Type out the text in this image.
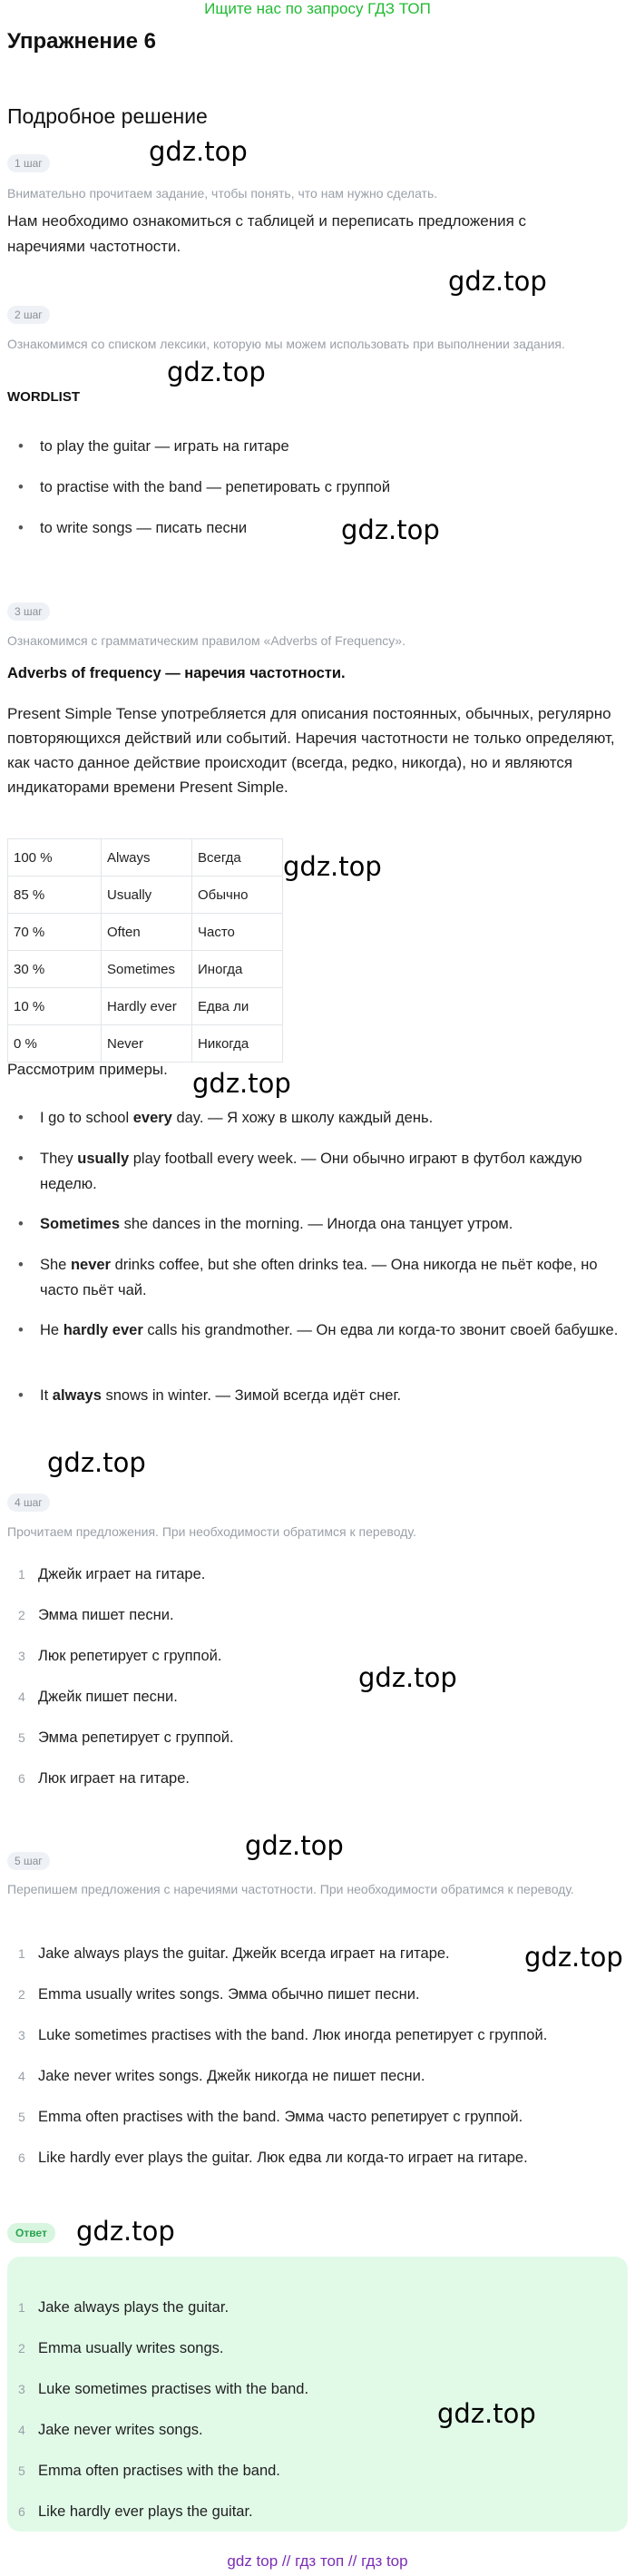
Ищите нас по запросу ГДЗ ТОП
Упражнение 6
Подробное решение
1 шаг	gdz.top
Внимательно прочитаем задание, чтобы понять, что нам нужно сделать.
Нам необходимо ознакомиться с таблицей и переписать предложения с наречиями частотности.
gdz.top
2 шаг
Ознакомимся со списком лексики, которую мы можем использовать при выполнении задания.
gdz.top
WORDLIST
• to play the guitar — играть на гитаре
• to practise with the band — репетировать с группой
• to write songs — писать песни	gdz.top
3 шаг
Ознакомимся с грамматическим правилом «Adverbs of Frequency».
Adverbs of frequency — наречия частотности.
Present Simple Tense употребляется для описания постоянных, обычных, регулярно повторяющихся действий или событий. Наречия частотности не только определяют, как часто данное действие происходит (всегда, редко, никогда), но и являются индикаторами времени Present Simple.
100 %	Always	Всегда
85 %	Usually	Обычно
70 %	Often	Часто
30 %	Sometimes	Иногда
10 %	Hardly ever	Едва ли
0 %	Never	Никогда
gdz.top
Рассмотрим примеры. gdz.top
• I go to school every day. — Я хожу в школу каждый день.
• They usually play football every week. — Они обычно играют в футбол каждую неделю.
• Sometimes she dances in the morning. — Иногда она танцует утром.
• She never drinks coffee, but she often drinks tea. — Она никогда не пьёт кофе, но часто пьёт чай.
• He hardly ever calls his grandmother. — Он едва ли когда-то звонит своей бабушке.
• It always snows in winter. — Зимой всегда идёт снег.
gdz.top
4 шаг
Прочитаем предложения. При необходимости обратимся к переводу.
1 Джейк играет на гитаре.
2 Эмма пишет песни.
3 Люк репетирует с группой.
4 Джейк пишет песни.
5 Эмма репетирует с группой.
6 Люк играет на гитаре.
gdz.top
gdz.top
5 шаг
Перепишем предложения с наречиями частотности. При необходимости обратимся к переводу.
1 Jake always plays the guitar. Джейк всегда играет на гитаре.
2 Emma usually writes songs. Эмма обычно пишет песни.
3 Luke sometimes practises with the band. Люк иногда репетирует с группой.
4 Jake never writes songs. Джейк никогда не пишет песни.
5 Emma often practises with the band. Эмма часто репетирует с группой.
6 Like hardly ever plays the guitar. Люк едва ли когда-то играет на гитаре.
gdz.top
Ответ	gdz.top
1 Jake always plays the guitar.
2 Emma usually writes songs.
3 Luke sometimes practises with the band.
4 Jake never writes songs.
5 Emma often practises with the band.
6 Like hardly ever plays the guitar.
gdz.top
gdz top // гдз топ // гдз top
